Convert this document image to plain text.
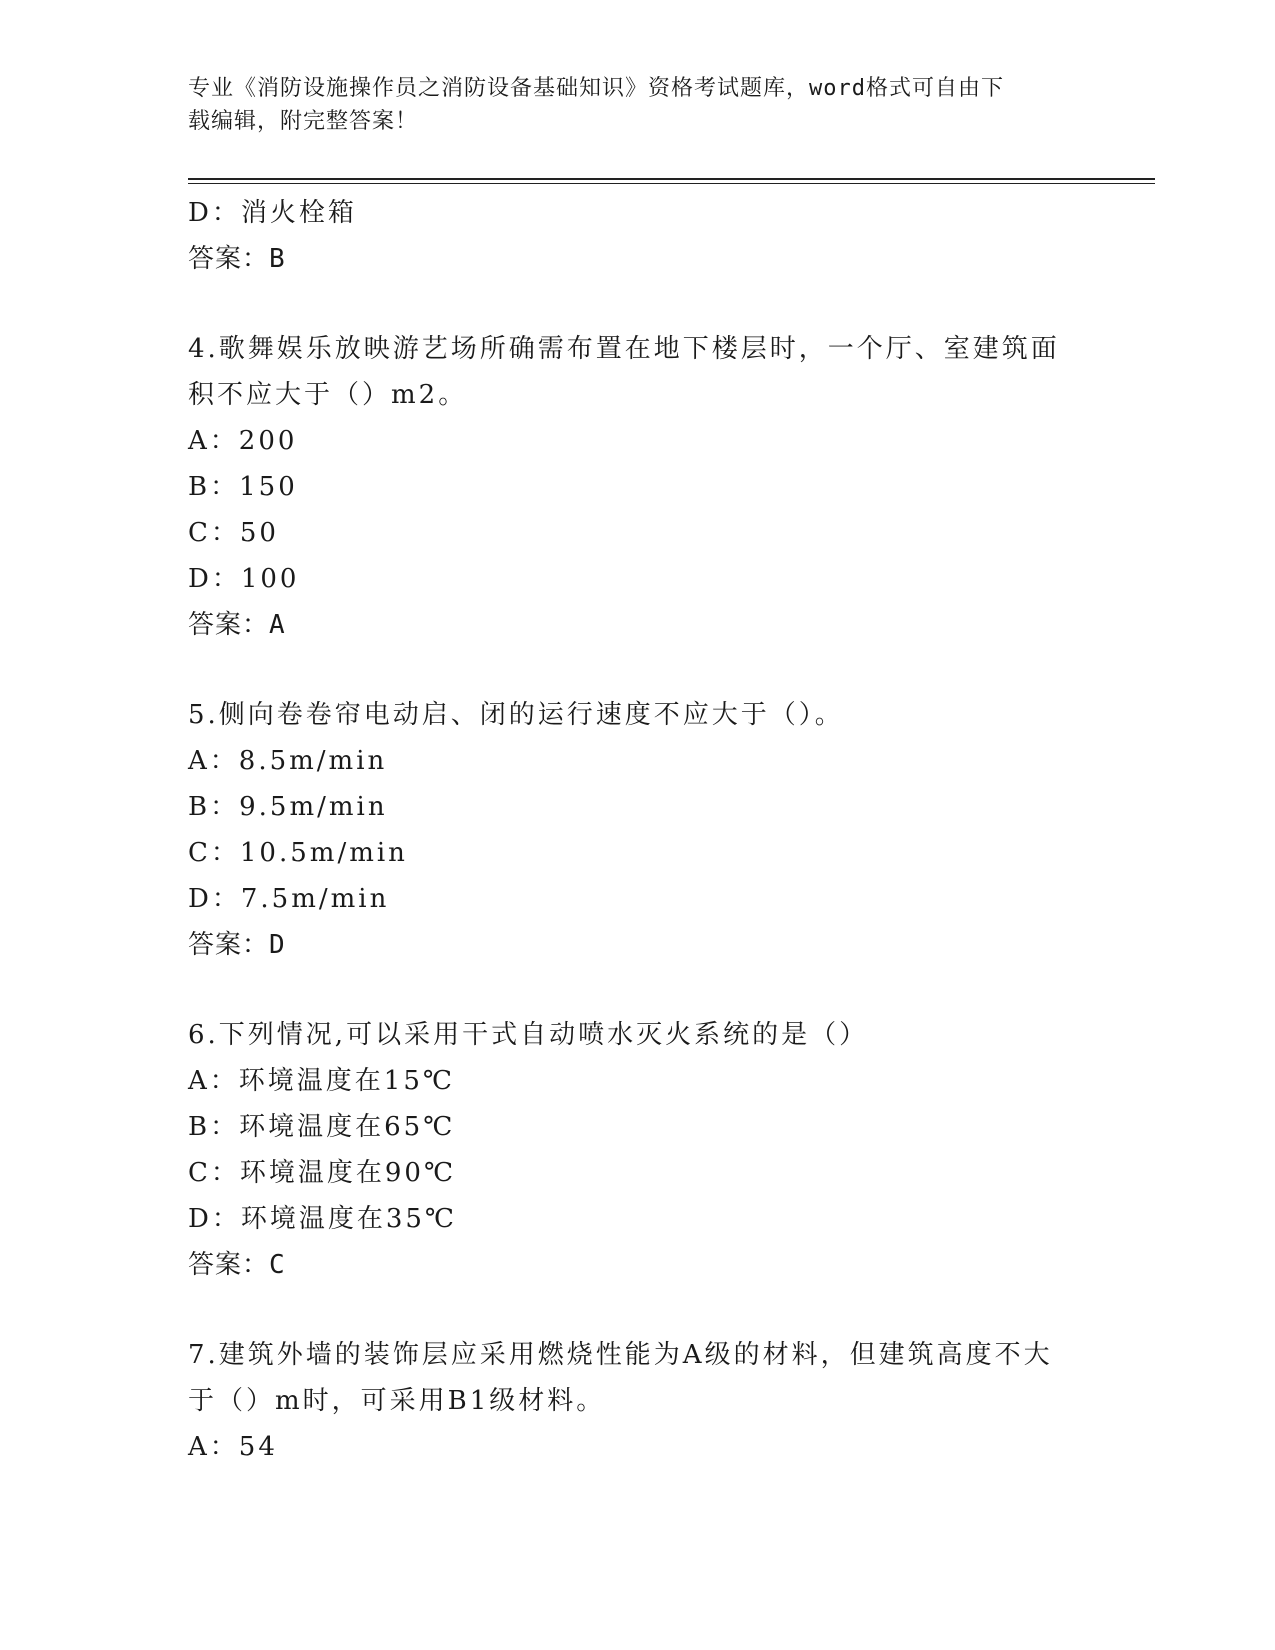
专业《消防设施操作员之消防设备基础知识》资格考试题库，word格式可自由下
载编辑，附完整答案！
D：消火栓箱
答案：B
4.歌舞娱乐放映游艺场所确需布置在地下楼层时，一个厅、室建筑面
积不应大于（）m2。
A：200
B：150
C：50
D：100
答案：A
5.侧向卷卷帘电动启、闭的运行速度不应大于（）。
A：8.5m/min
B：9.5m/min
C：10.5m/min
D：7.5m/min
答案：D
6.下列情况,可以采用干式自动喷水灭火系统的是（）
A：环境温度在15℃
B：环境温度在65℃
C：环境温度在90℃
D：环境温度在35℃
答案：C
7.建筑外墙的装饰层应采用燃烧性能为A级的材料，但建筑高度不大
于（）m时，可采用B1级材料。
A：54
